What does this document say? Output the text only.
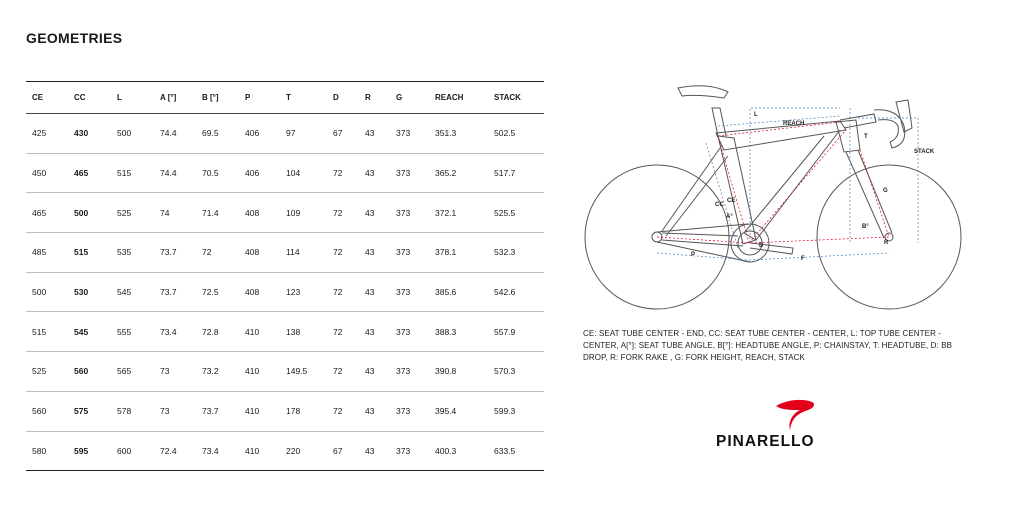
GEOMETRIES
CE	CC	L	A [°]	B [°]	P	T	D	R	G	REACH	STACK
425	430	500	74.4	69.5	406	97	67	43	373	351.3	502.5
450	465	515	74.4	70.5	406	104	72	43	373	365.2	517.7
465	500	525	74	71.4	408	109	72	43	373	372.1	525.5
485	515	535	73.7	72	408	114	72	43	373	378.1	532.3
500	530	545	73.7	72.5	408	123	72	43	373	385.6	542.6
515	545	555	73.4	72.8	410	138	72	43	373	388.3	557.9
525	560	565	73	73.2	410	149.5	72	43	373	390.8	570.3
560	575	578	73	73.7	410	178	72	43	373	395.4	599.3
580	595	600	72.4	73.4	410	220	67	43	373	400.3	633.5
L
REACH
STACK
T
G
CC
CE
A°
B°
R
D
P
F
CE: SEAT TUBE CENTER - END, CC: SEAT TUBE CENTER - CENTER, L: TOP TUBE CENTER - CENTER, A[°]: SEAT TUBE ANGLE, B[°]: HEADTUBE ANGLE, P: CHAINSTAY, T: HEADTUBE, D: BB DROP, R: FORK RAKE , G: FORK HEIGHT, REACH, STACK
PINARELLO
